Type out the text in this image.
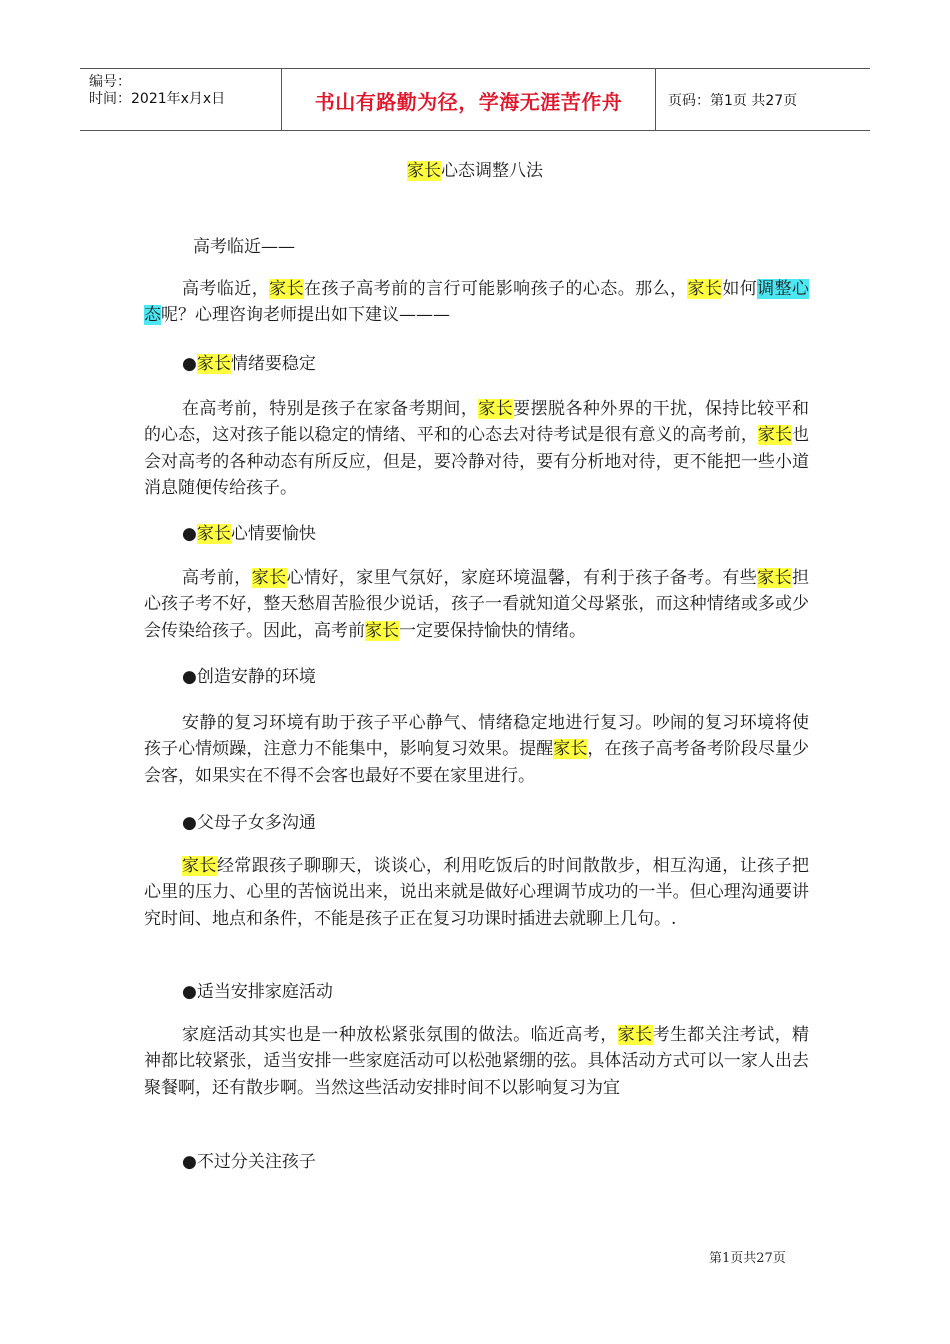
编号：
时间：2021年x月x日	书山有路勤为径，学海无涯苦作舟	页码：第1页 共27页
家长心态调整八法
高考临近——

高考临近，家长在孩子高考前的言行可能影响孩子的心态。那么，家长如何调整心态呢？心理咨询老师提出如下建议———

●家长情绪要稳定

在高考前，特别是孩子在家备考期间，家长要摆脱各种外界的干扰，保持比较平和的心态，这对孩子能以稳定的情绪、平和的心态去对待考试是很有意义的高考前，家长也会对高考的各种动态有所反应，但是，要冷静对待，要有分析地对待，更不能把一些小道消息随便传给孩子。

●家长心情要愉快

高考前，家长心情好，家里气氛好，家庭环境温馨，有利于孩子备考。有些家长担心孩子考不好，整天愁眉苦脸很少说话，孩子一看就知道父母紧张，而这种情绪或多或少会传染给孩子。因此，高考前家长一定要保持愉快的情绪。

●创造安静的环境

安静的复习环境有助于孩子平心静气、情绪稳定地进行复习。吵闹的复习环境将使孩子心情烦躁，注意力不能集中，影响复习效果。提醒家长，在孩子高考备考阶段尽量少会客，如果实在不得不会客也最好不要在家里进行。

●父母子女多沟通

家长经常跟孩子聊聊天，谈谈心，利用吃饭后的时间散散步，相互沟通，让孩子把心里的压力、心里的苦恼说出来，说出来就是做好心理调节成功的一半。但心理沟通要讲究时间、地点和条件，不能是孩子正在复习功课时插进去就聊上几句。.

●适当安排家庭活动

家庭活动其实也是一种放松紧张氛围的做法。临近高考，家长考生都关注考试，精神都比较紧张，适当安排一些家庭活动可以松弛紧绷的弦。具体活动方式可以一家人出去聚餐啊，还有散步啊。当然这些活动安排时间不以影响复习为宜

●不过分关注孩子
第1页共27页
